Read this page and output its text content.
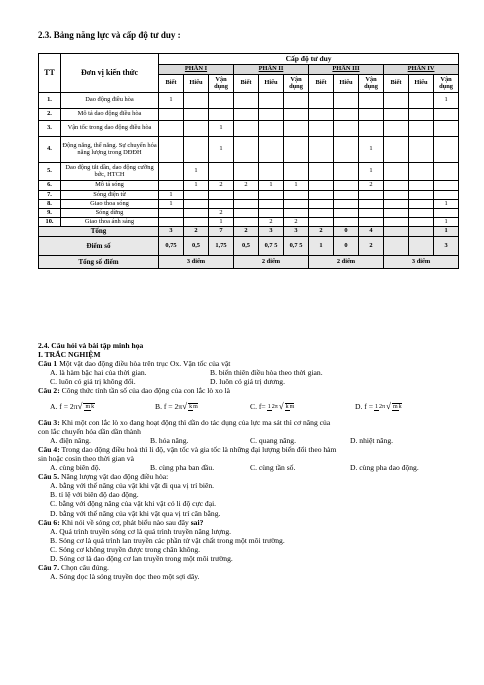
2.3. Bảng năng lực và cấp độ tư duy :
TT	Đơn vị kiến thức	Cấp độ tư duy											
		PHẦN I			PHẦN II			PHẦN III			PHẦN IV		
		Biết	Hiểu	Vận dụng	Biết	Hiểu	Vận dụng	Biết	Hiểu	Vận dụng	Biết	Hiểu	Vận dụng
1.	Dao động điều hòa	1											1
2.	Mô tả dao động điều hòa												
3.	Vận tốc trong dao động điều hòa			1									
4.	Động năng, thế năng. Sự chuyển hóa năng lượng trong DĐĐH			1						1			
5.	Dao động tắt dần, dao động cưỡng bức, HTCH		1							1			
6.	Mô tả sóng		1	2	2	1	1			2			
7.	Sóng điện từ	1											
8.	Giao thoa sóng	1											1
9.	Sóng dừng			2									
10.	Giao thoa ánh sáng			1		2	2						1
Tổng		3	2	7	2	3	3	2	0	4			1
Điểm số		0,75	0,5	1,75	0,5	0,7 5	0,7 5	1	0	2			3
Tổng số điểm		3 điểm			2 điểm			2 điểm			3 điểm		
2.4. Câu hỏi và bài tập minh họa
I. TRẮC NGHIỆM
Câu 1 Một vật dao động điều hòa trên trục Ox. Vận tốc của vật
A. là hàm bậc hai của thời gian.	B. biến thiên điều hòa theo thời gian.
C. luôn có giá trị không đổi.	D. luôn có giá trị dương.
Câu 2: Công thức tính tần số của dao động của con lắc lò xo là
A. f = 2π√ mk	B. f = 2π√ km	C. f=12π√ km	D. f =12π√ mk
Câu 3: Khi một con lắc lò xo đang hoạt động thì dần do tác dụng của lực ma sát thì cơ năng của
con lắc chuyển hóa dần dần thành
A. điện năng.	B. hóa năng.	C. quang năng.	D. nhiệt năng.
Câu 4: Trong dao động điều hoà thì li độ, vận tốc và gia tốc là những đại lượng biến đổi theo hàm
sin hoặc cosin theo thời gian và
A. cùng biên độ.	B. cùng pha ban đầu.	C. cùng tần số.	D. cùng pha dao động.
Câu 5. Năng lượng vật dao động điều hòa:
A. bằng với thế năng của vật khi vật đi qua vị trí biên.
B. tỉ lệ với biên độ dao động.
C. bằng với động năng của vật khi vật có li độ cực đại.
D. bằng với thế năng của vật khi vật qua vị trí cân bằng.
Câu 6: Khi nói về sóng cơ, phát biểu nào sau đây sai?
A. Quá trình truyền sóng cơ là quá trình truyền năng lượng.
B. Sóng cơ là quá trình lan truyền các phần tử vật chất trong một môi trường.
C. Sóng cơ không truyền được trong chân không.
D. Sóng cơ là dao động cơ lan truyền trong một môi trường.
Câu 7. Chọn câu đúng.
A. Sóng dọc là sóng truyền dọc theo một sợi dây.
